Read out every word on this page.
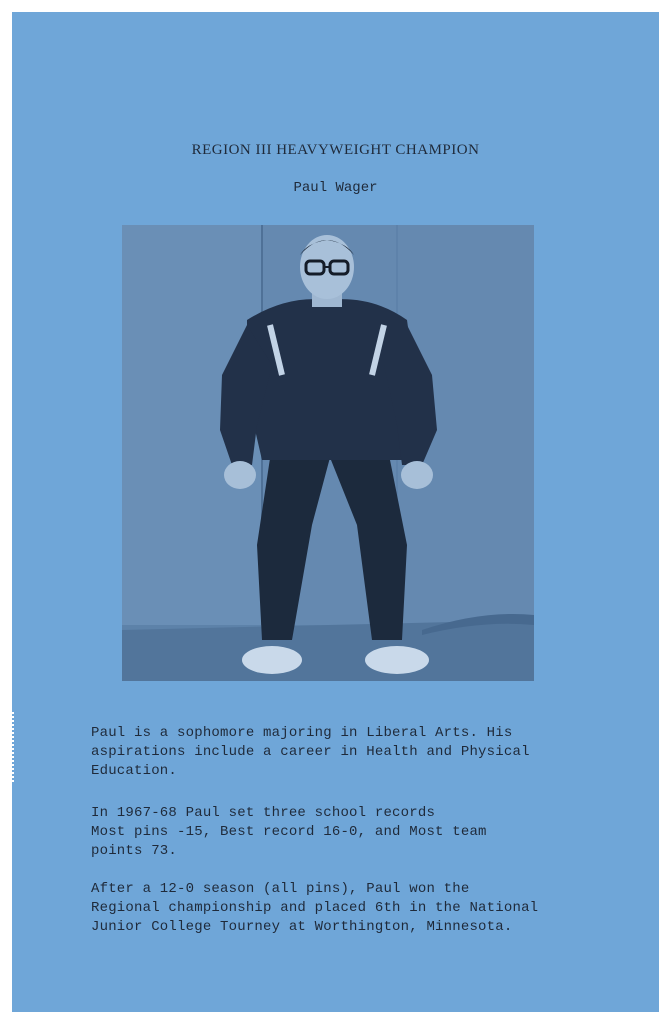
REGION III HEAVYWEIGHT CHAMPION
Paul Wager
Paul is a sophomore majoring in Liberal Arts. His
aspirations include a career in Health and Physical
Education.
In 1967-68 Paul set three school records
Most pins -15, Best record 16-0, and Most team
points 73.
After a 12-0 season (all pins), Paul won the
Regional championship and placed 6th in the National
Junior College Tourney at Worthington, Minnesota.
